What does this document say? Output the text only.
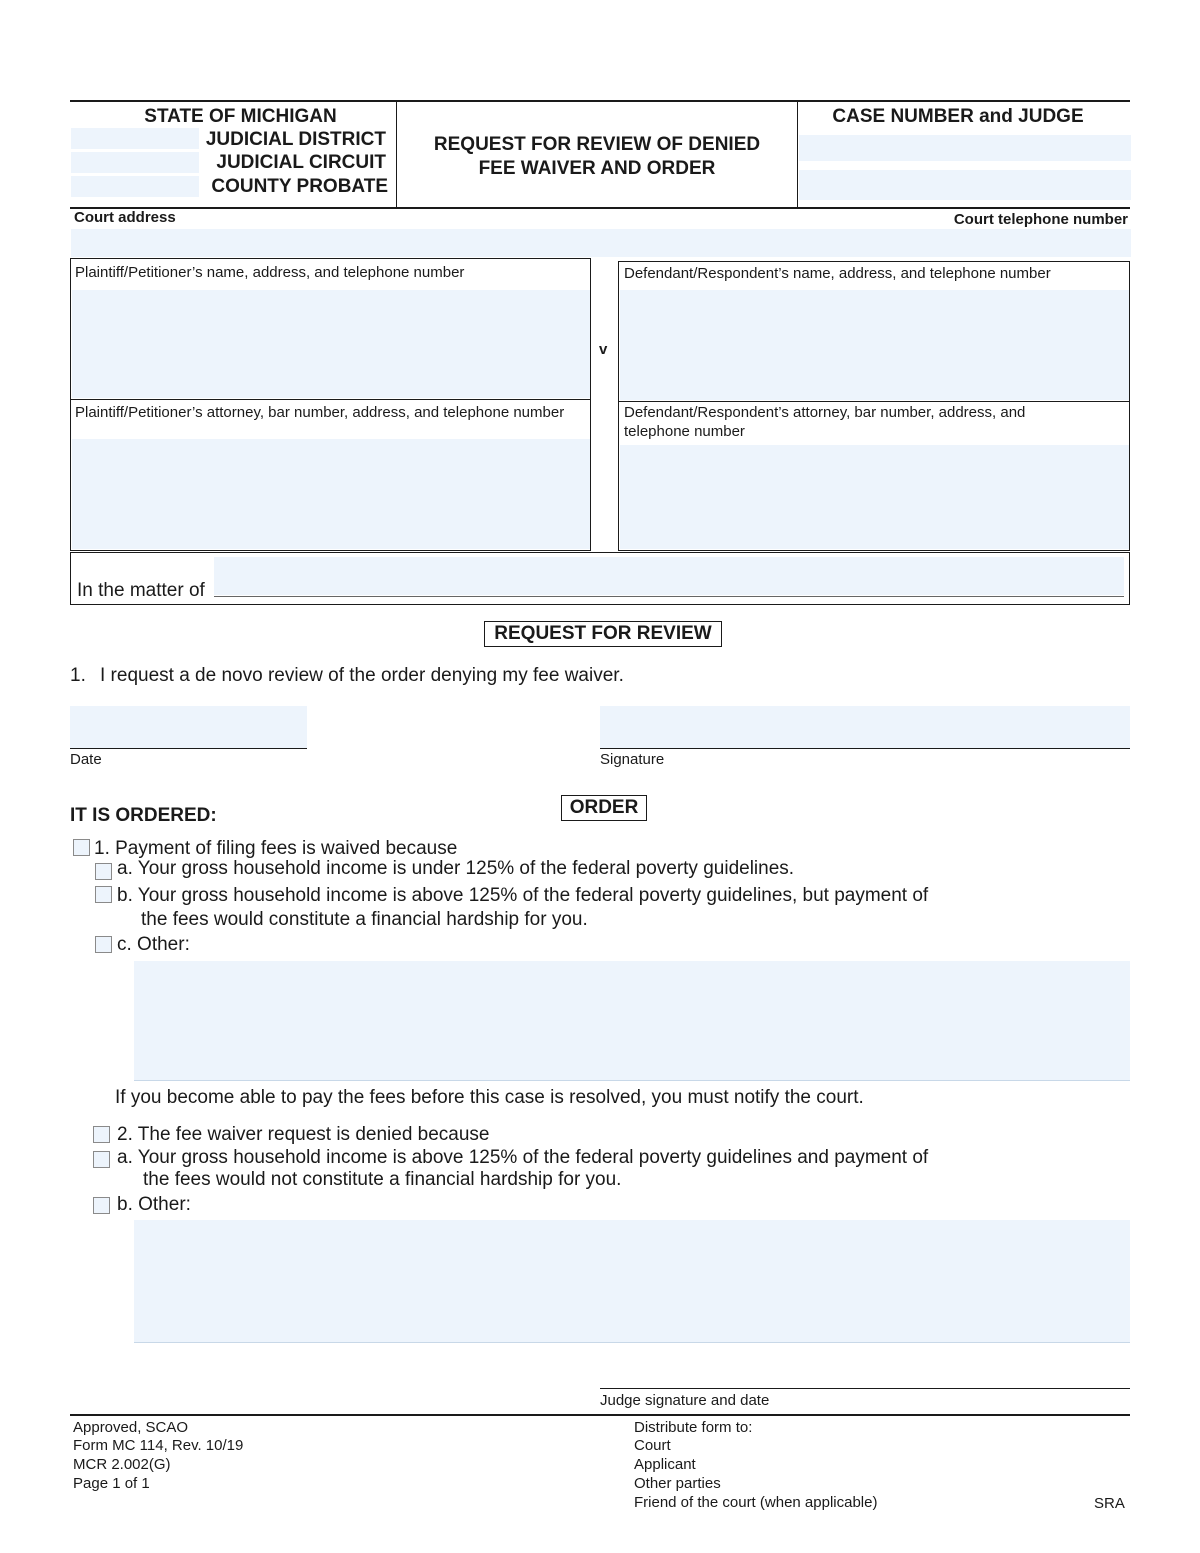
STATE OF MICHIGAN
JUDICIAL DISTRICT
JUDICIAL CIRCUIT
COUNTY PROBATE
REQUEST FOR REVIEW OF DENIED
FEE WAIVER AND ORDER
CASE NUMBER and JUDGE
Court address	Court telephone number
Plaintiff/Petitioner’s name, address, and telephone number
Plaintiff/Petitioner’s attorney, bar number, address, and telephone number
v
Defendant/Respondent’s name, address, and telephone number
Defendant/Respondent’s attorney, bar number, address, and
telephone number
In the matter of
REQUEST FOR REVIEW
1. I request a de novo review of the order denying my fee waiver.
Date	Signature
ORDER
IT IS ORDERED:
1. Payment of filing fees is waived because
a. Your gross household income is under 125% of the federal poverty guidelines.
b. Your gross household income is above 125% of the federal poverty guidelines, but payment of
the fees would constitute a financial hardship for you.
c. Other:
If you become able to pay the fees before this case is resolved, you must notify the court.
2. The fee waiver request is denied because
a. Your gross household income is above 125% of the federal poverty guidelines and payment of
the fees would not constitute a financial hardship for you.
b. Other:
Judge signature and date
Approved, SCAO
Form MC 114, Rev. 10/19
MCR 2.002(G)
Page 1 of 1
Distribute form to:
Court
Applicant
Other parties
Friend of the court (when applicable)	SRA
